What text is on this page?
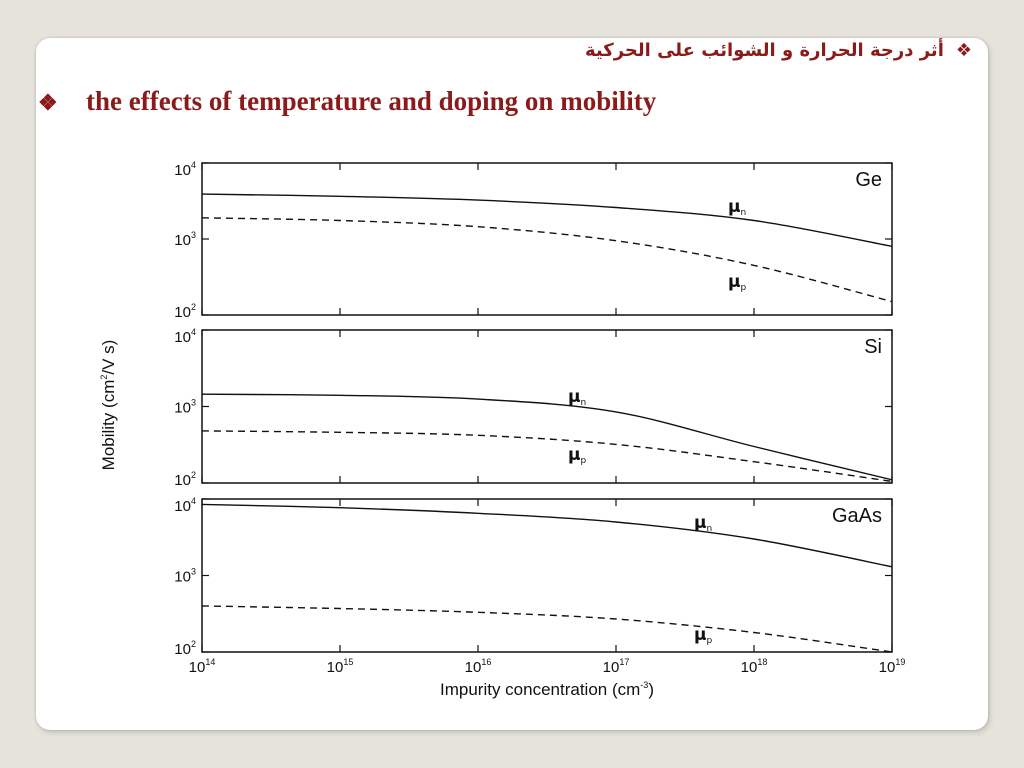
❖أثر درجة الحرارة و الشوائب على الحركية
❖ the effects of temperature and doping on mobility
$10^2$
$10^3$
$10^4$
Ge
μn
μp
$10^2$
$10^3$
$10^4$
Si
μn
μp
$10^2$
$10^3$
$10^4$
GaAs
μn
μp
$10^{14}$	$10^{15}$	$10^{16}$	$10^{17}$	$10^{18}$	$10^{19}$
Impurity concentration $(cm^{-3})$
Mobility ($cm^2/V$ s)
